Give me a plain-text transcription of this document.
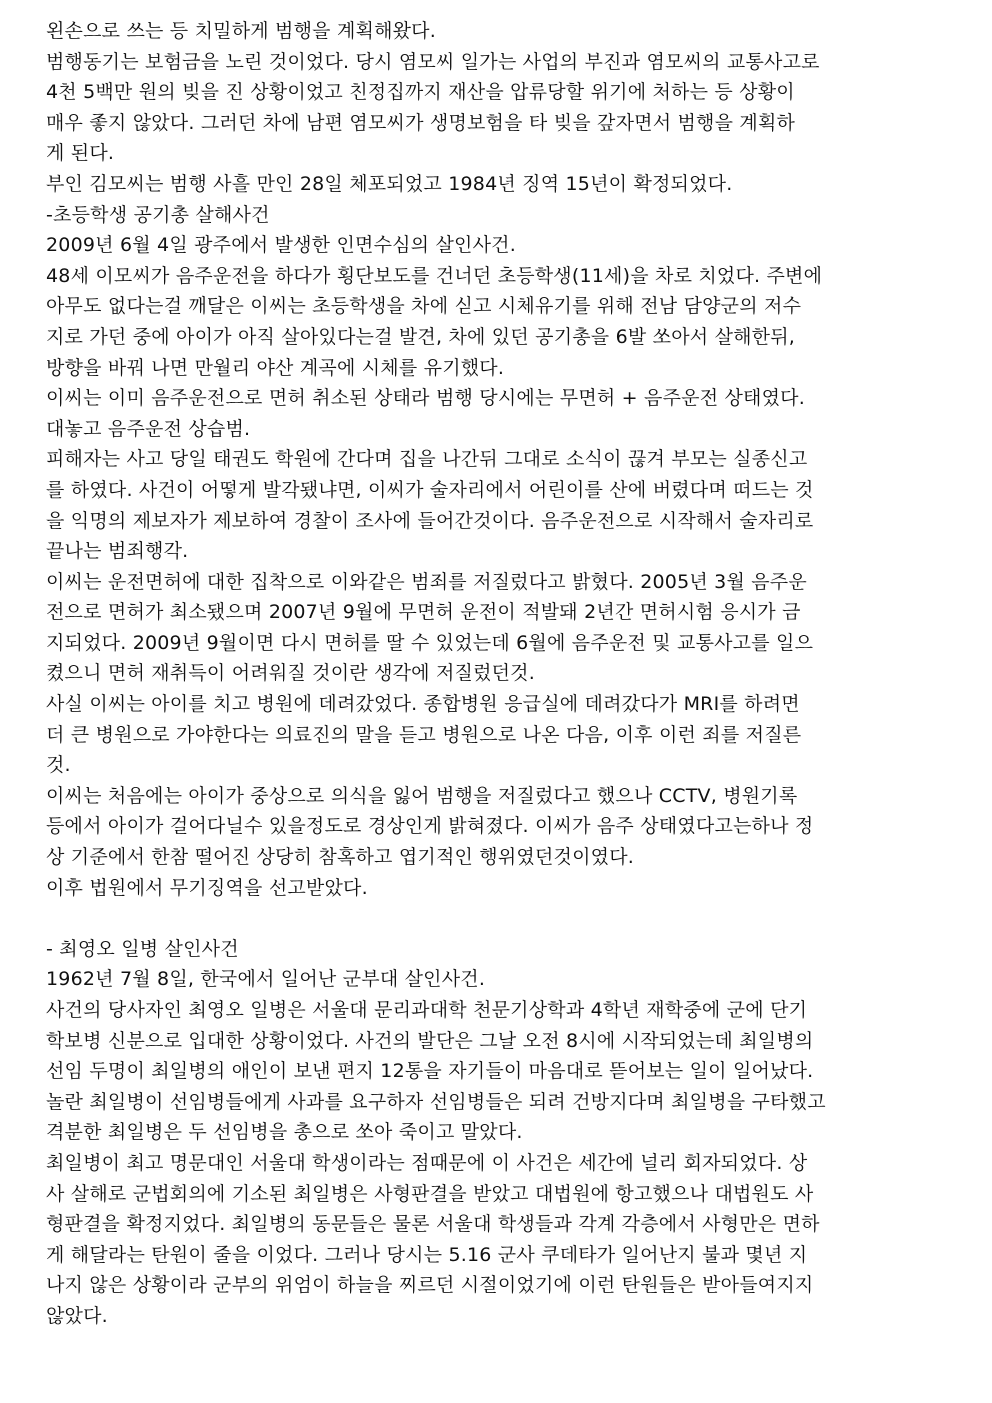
왼손으로 쓰는 등 치밀하게 범행을 계획해왔다.

범행동기는 보험금을 노린 것이었다. 당시 염모씨 일가는 사업의 부진과 염모씨의 교통사고로

4천 5백만 원의 빚을 진 상황이었고 친정집까지 재산을 압류당할 위기에 처하는 등 상황이

매우 좋지 않았다. 그러던 차에 남편 염모씨가 생명보험을 타 빚을 갚자면서 범행을 계획하

게 된다.

부인 김모씨는 범행 사흘 만인 28일 체포되었고 1984년 징역 15년이 확정되었다.

-초등학생 공기총 살해사건

2009년 6월 4일 광주에서 발생한 인면수심의 살인사건.

48세 이모씨가 음주운전을 하다가 횡단보도를 건너던 초등학생(11세)을 차로 치었다. 주변에

아무도 없다는걸 깨달은 이씨는 초등학생을 차에 싣고 시체유기를 위해 전남 담양군의 저수

지로 가던 중에 아이가 아직 살아있다는걸 발견, 차에 있던 공기총을 6발 쏘아서 살해한뒤,

방향을 바꿔 나면 만월리 야산 계곡에 시체를 유기했다.

이씨는 이미 음주운전으로 면허 취소된 상태라 범행 당시에는 무면허 + 음주운전 상태였다.

대놓고 음주운전 상습범.

피해자는 사고 당일 태권도 학원에 간다며 집을 나간뒤 그대로 소식이 끊겨 부모는 실종신고

를 하였다. 사건이 어떻게 발각됐냐면, 이씨가 술자리에서 어린이를 산에 버렸다며 떠드는 것

을 익명의 제보자가 제보하여 경찰이 조사에 들어간것이다. 음주운전으로 시작해서 술자리로

끝나는 범죄행각.

이씨는 운전면허에 대한 집착으로 이와같은 범죄를 저질렀다고 밝혔다. 2005년 3월 음주운

전으로 면허가 최소됐으며 2007년 9월에 무면허 운전이 적발돼 2년간 면허시험 응시가 금

지되었다. 2009년 9월이면 다시 면허를 딸 수 있었는데 6월에 음주운전 및 교통사고를 일으

켰으니 면허 재취득이 어려워질 것이란 생각에 저질렀던것.

사실 이씨는 아이를 치고 병원에 데려갔었다. 종합병원 응급실에 데려갔다가 MRI를 하려면

더 큰 병원으로 가야한다는 의료진의 말을 듣고 병원으로 나온 다음, 이후 이런 죄를 저질른

것.

이씨는 처음에는 아이가 중상으로 의식을 잃어 범행을 저질렀다고 했으나 CCTV, 병원기록

등에서 아이가 걸어다닐수 있을정도로 경상인게 밝혀졌다. 이씨가 음주 상태였다고는하나 정

상 기준에서 한참 떨어진 상당히 참혹하고 엽기적인 행위였던것이였다.

이후 법원에서 무기징역을 선고받았다.

- 최영오 일병 살인사건

1962년 7월 8일, 한국에서 일어난 군부대 살인사건.

사건의 당사자인 최영오 일병은 서울대 문리과대학 천문기상학과 4학년 재학중에 군에 단기

학보병 신분으로 입대한 상황이었다. 사건의 발단은 그날 오전 8시에 시작되었는데 최일병의

선임 두명이 최일병의 애인이 보낸 편지 12통을 자기들이 마음대로 뜯어보는 일이 일어났다.

놀란 최일병이 선임병들에게 사과를 요구하자 선임병들은 되려 건방지다며 최일병을 구타했고

격분한 최일병은 두 선임병을 총으로 쏘아 죽이고 말았다.

최일병이 최고 명문대인 서울대 학생이라는 점때문에 이 사건은 세간에 널리 회자되었다. 상

사 살해로 군법회의에 기소된 최일병은 사형판결을 받았고 대법원에 항고했으나 대법원도 사

형판결을 확정지었다. 최일병의 동문들은 물론 서울대 학생들과 각계 각층에서 사형만은 면하

게 해달라는 탄원이 줄을 이었다. 그러나 당시는 5.16 군사 쿠데타가 일어난지 불과 몇년 지

나지 않은 상황이라 군부의 위엄이 하늘을 찌르던 시절이었기에 이런 탄원들은 받아들여지지

않았다.
